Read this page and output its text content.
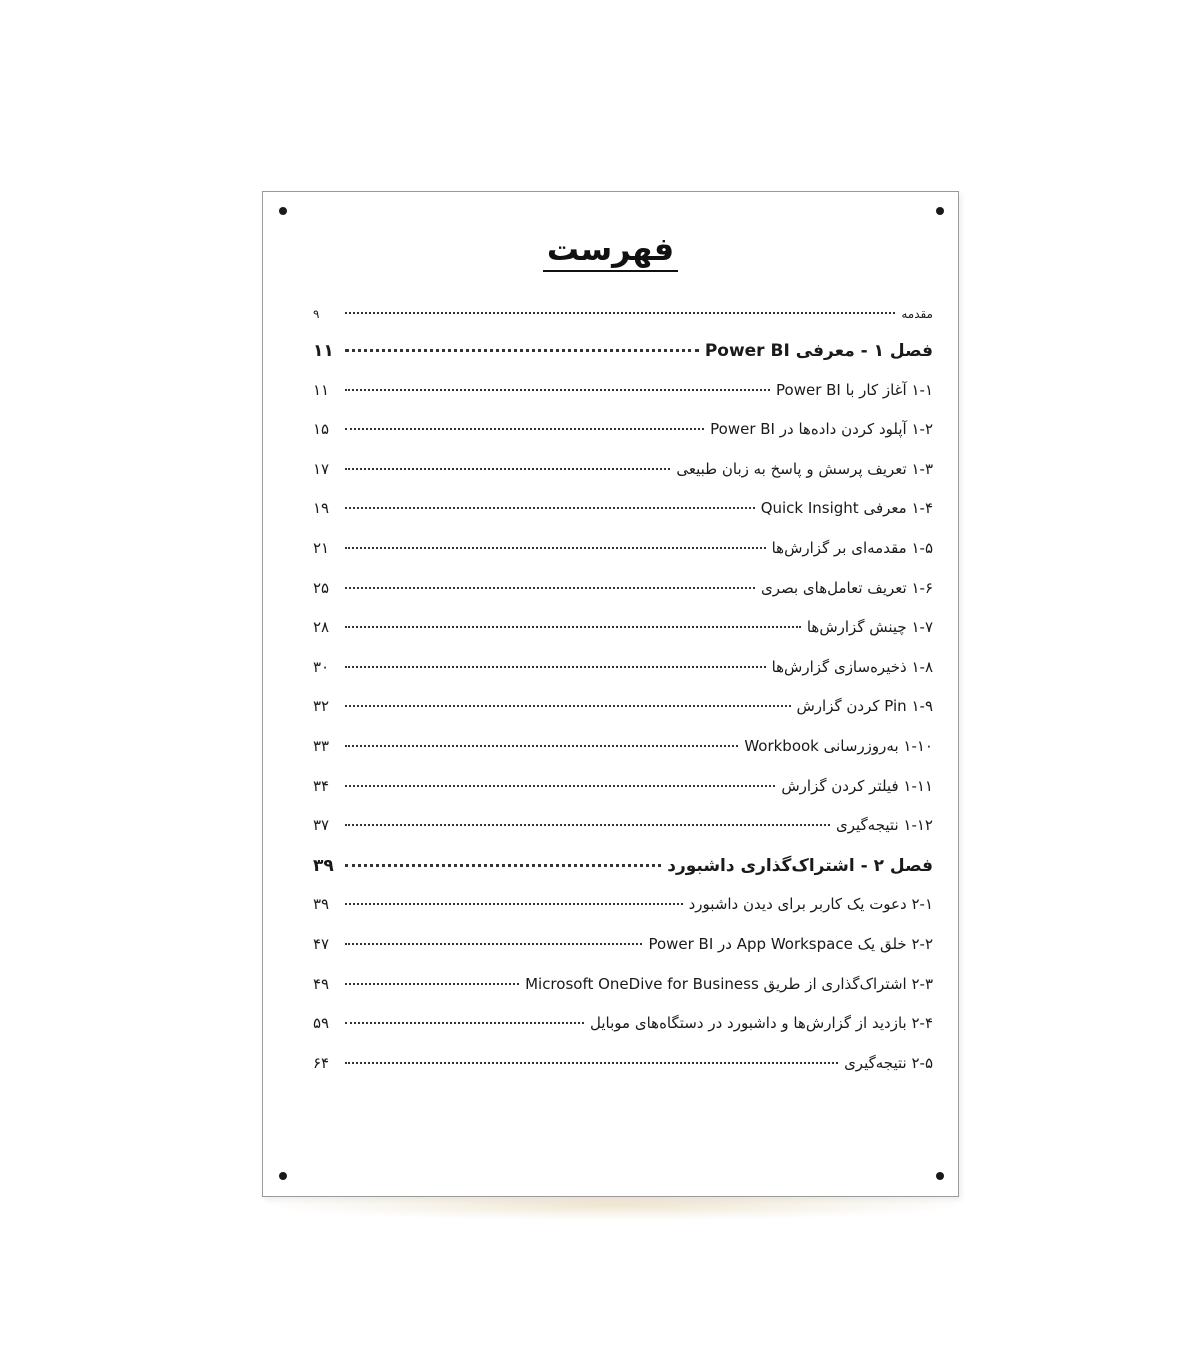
فهرست
مقدمه
۹
فصل ۱ - معرفی Power BI
۱۱
۱-۱ آغاز کار با Power BI
۱۱
۱-۲ آپلود کردن داده‌ها در Power BI
۱۵
۱-۳ تعریف پرسش و پاسخ به زبان طبیعی
۱۷
۱-۴ معرفی Quick Insight
۱۹
۱-۵ مقدمه‌ای بر گزارش‌ها
۲۱
۱-۶ تعریف تعامل‌های بصری
۲۵
۱-۷ چینش گزارش‌ها
۲۸
۱-۸ ذخیره‌سازی گزارش‌ها
۳۰
۱-۹ Pin کردن گزارش
۳۲
۱-۱۰ به‌روزرسانی Workbook
۳۳
۱-۱۱ فیلتر کردن گزارش
۳۴
۱-۱۲ نتیجه‌گیری
۳۷
فصل ۲ - اشتراک‌گذاری داشبورد
۳۹
۲-۱ دعوت یک کاربر برای دیدن داشبورد
۳۹
۲-۲ خلق یک App Workspace در Power BI
۴۷
۲-۳ اشتراک‌گذاری از طریق Microsoft OneDive for Business
۴۹
۲-۴ بازدید از گزارش‌ها و داشبورد در دستگاه‌های موبایل
۵۹
۲-۵ نتیجه‌گیری
۶۴
